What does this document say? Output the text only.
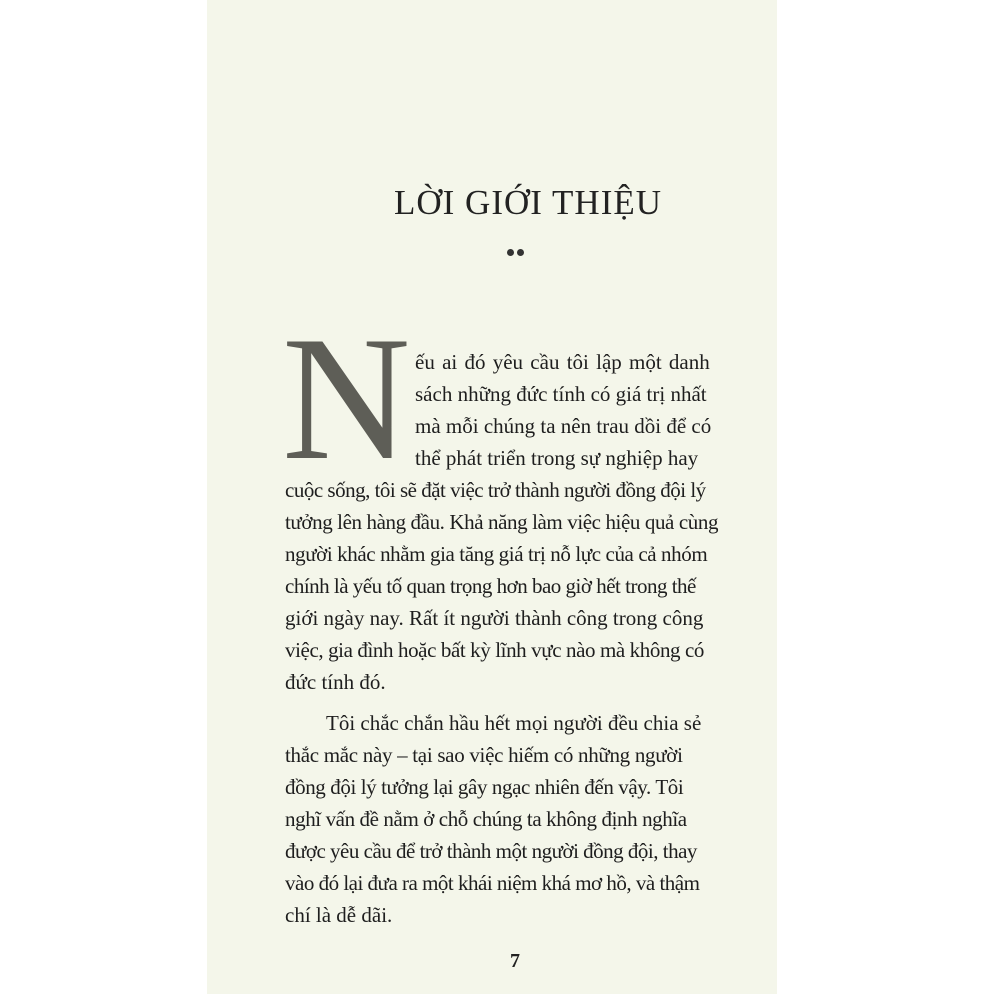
LỜI GIỚI THIỆU
N ếu ai đó yêu cầu tôi lập một danh
sách những đức tính có giá trị nhất
mà mỗi chúng ta nên trau dồi để có
thể phát triển trong sự nghiệp hay
cuộc sống, tôi sẽ đặt việc trở thành người đồng đội lý
tưởng lên hàng đầu. Khả năng làm việc hiệu quả cùng
người khác nhằm gia tăng giá trị nỗ lực của cả nhóm
chính là yếu tố quan trọng hơn bao giờ hết trong thế
giới ngày nay. Rất ít người thành công trong công
việc, gia đình hoặc bất kỳ lĩnh vực nào mà không có
đức tính đó.
Tôi chắc chắn hầu hết mọi người đều chia sẻ
thắc mắc này – tại sao việc hiếm có những người
đồng đội lý tưởng lại gây ngạc nhiên đến vậy. Tôi
nghĩ vấn đề nằm ở chỗ chúng ta không định nghĩa
được yêu cầu để trở thành một người đồng đội, thay
vào đó lại đưa ra một khái niệm khá mơ hồ, và thậm
chí là dễ dãi.
7
